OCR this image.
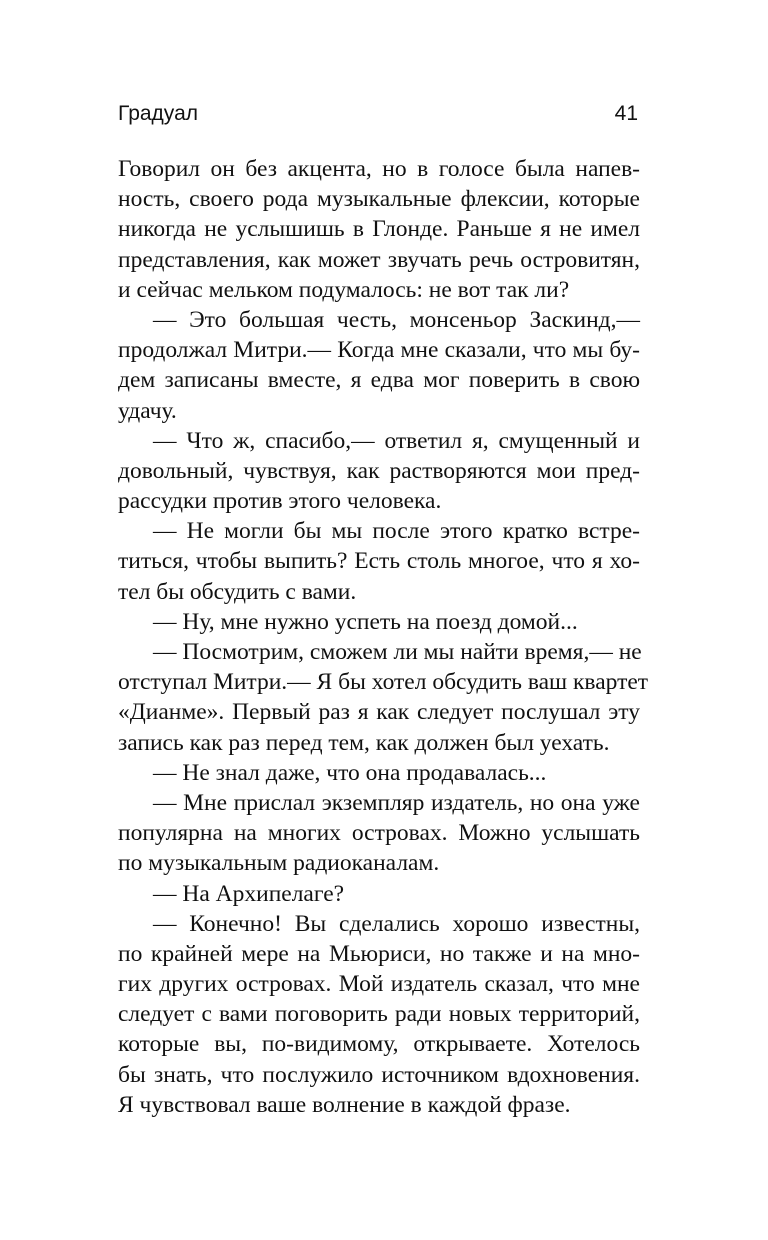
Градуал	41
Говорил он без акцента, но в голосе была напев-
ность, своего рода музыкальные флексии, которые
никогда не услышишь в Глонде. Раньше я не имел
представления, как может звучать речь островитян,
и сейчас мельком подумалось: не вот так ли?
— Это большая честь, монсеньор Заскинд,—
продолжал Митри.— Когда мне сказали, что мы бу-
дем записаны вместе, я едва мог поверить в свою
удачу.
— Что ж, спасибо,— ответил я, смущенный и
довольный, чувствуя, как растворяются мои пред-
рассудки против этого человека.
— Не могли бы мы после этого кратко встре-
титься, чтобы выпить? Есть столь многое, что я хо-
тел бы обсудить с вами.
— Ну, мне нужно успеть на поезд домой...
— Посмотрим, сможем ли мы найти время,— не
отступал Митри.— Я бы хотел обсудить ваш квартет
«Дианме». Первый раз я как следует послушал эту
запись как раз перед тем, как должен был уехать.
— Не знал даже, что она продавалась...
— Мне прислал экземпляр издатель, но она уже
популярна на многих островах. Можно услышать
по музыкальным радиоканалам.
— На Архипелаге?
— Конечно! Вы сделались хорошо известны,
по крайней мере на Мьюриси, но также и на мно-
гих других островах. Мой издатель сказал, что мне
следует с вами поговорить ради новых территорий,
которые вы, по-видимому, открываете. Хотелось
бы знать, что послужило источником вдохновения.
Я чувствовал ваше волнение в каждой фразе.
